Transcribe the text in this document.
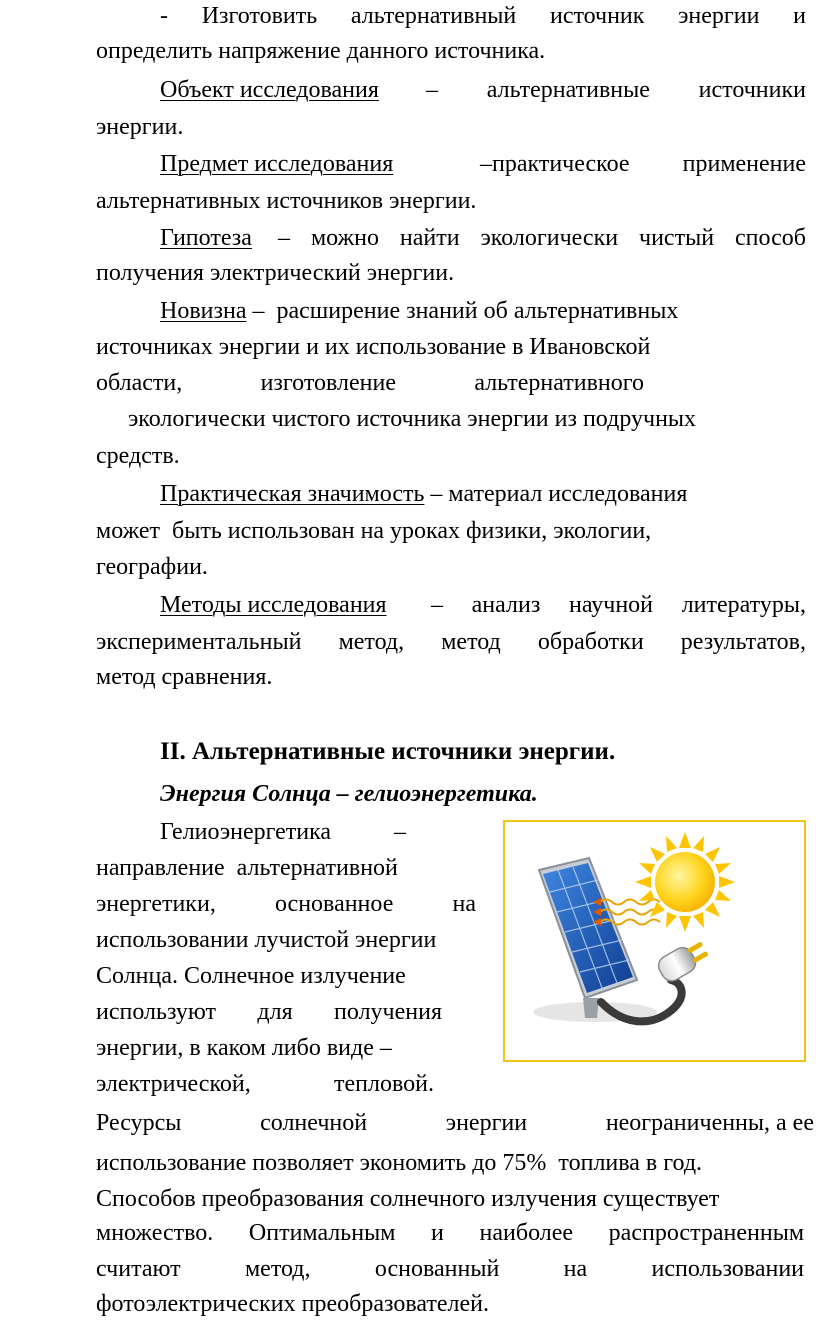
- Изготовить альтернативный источник энергии и
определить напряжение данного источника.
Объект исследования – альтернативные источники
энергии.
Предмет исследования	–практическое применение
альтернативных источников энергии.
Гипотеза – можно найти экологически чистый способ
получения электрический энергии.
Новизна –  расширение знаний об альтернативных
источниках энергии и их использование в Ивановской
области,	изготовление	альтернативного
экологически чистого источника энергии из подручных
средств.
Практическая значимость – материал исследования
может  быть использован на уроках физики, экологии,
географии.
Методы исследования – анализ научной литературы,
экспериментальный метод, метод обработки результатов,
метод сравнения.
II. Альтернативные источники энергии.
Энергия Солнца – гелиоэнергетика.
Гелиоэнергетика	–
направление  альтернативной
энергетики, основанное на
использовании лучистой энергии
Солнца. Солнечное излучение
используют для получения
энергии, в каком либо виде –
электрической,	тепловой.
Ресурсы	солнечной	энергии	неограниченны, а ее
использование позволяет экономить до 75%  топлива в год.
Способов преобразования солнечного излучения существует
множество. Оптимальным и наиболее распространенным
считают	метод,	основанный	на	использовании
фотоэлектрических преобразователей.
